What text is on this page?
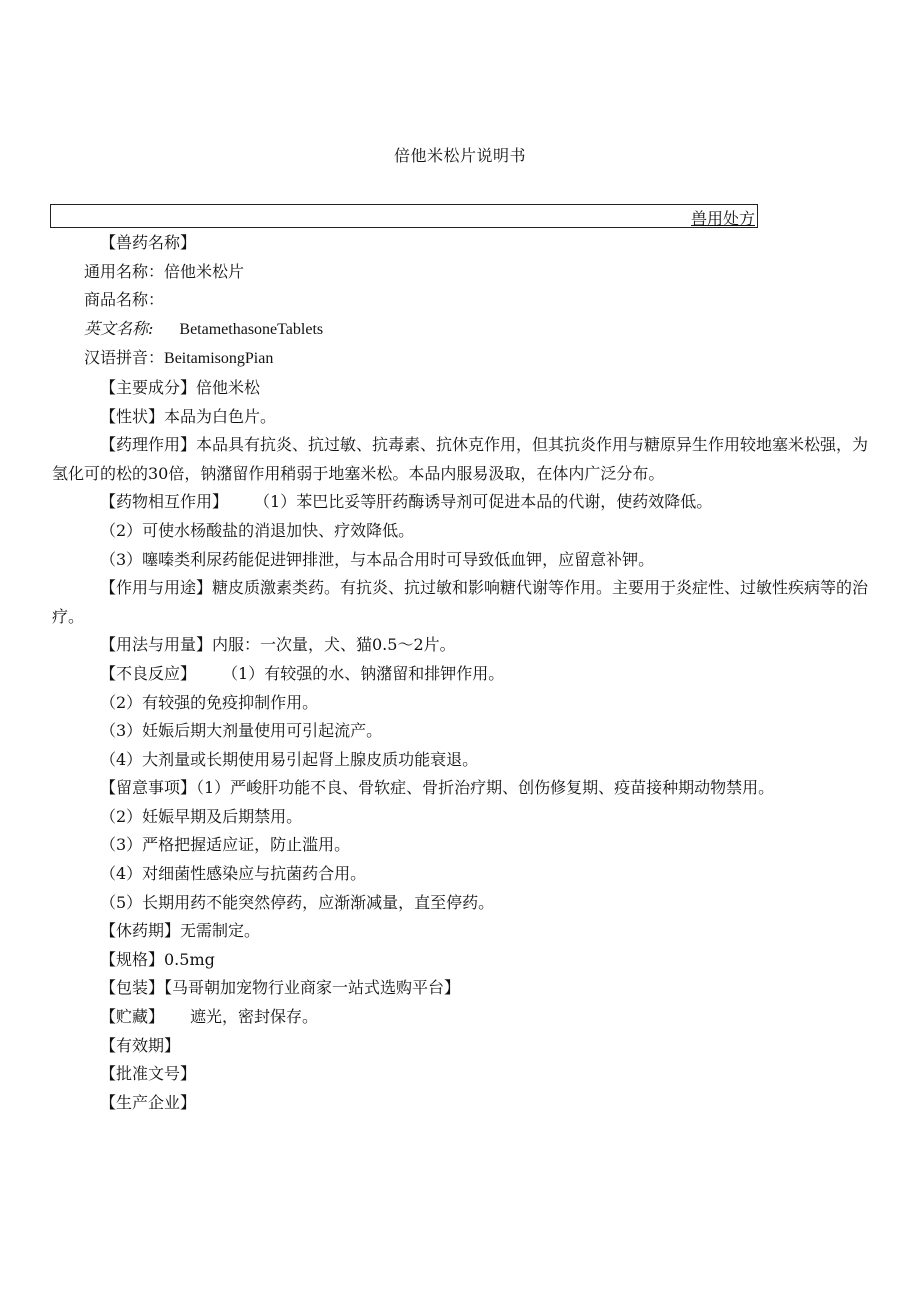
倍他米松片说明书
兽用处方
【兽药名称】
通用名称：倍他米松片
商品名称：
英文名称: BetamethasoneTablets
汉语拼音：BeitamisongPian
【主要成分】倍他米松
【性状】本品为白色片。
【药理作用】本品具有抗炎、抗过敏、抗毒素、抗休克作用，但其抗炎作用与糖原异生作用较地塞米松强，为氢化可的松的30倍，钠潴留作用稍弱于地塞米松。本品内服易汲取，在体内广泛分布。
【药物相互作用】 （1）苯巴比妥等肝药酶诱导剂可促进本品的代谢，使药效降低。
（2）可使水杨酸盐的消退加快、疗效降低。
（3）噻嗪类利尿药能促进钾排泄，与本品合用时可导致低血钾，应留意补钾。
【作用与用途】糖皮质激素类药。有抗炎、抗过敏和影响糖代谢等作用。主要用于炎症性、过敏性疾病等的治疗。
【用法与用量】内服：一次量，犬、猫0.5～2片。
【不良反应】 （1）有较强的水、钠潴留和排钾作用。
（2）有较强的免疫抑制作用。
（3）妊娠后期大剂量使用可引起流产。
（4）大剂量或长期使用易引起肾上腺皮质功能衰退。
【留意事项】（1）严峻肝功能不良、骨软症、骨折治疗期、创伤修复期、疫苗接种期动物禁用。
（2）妊娠早期及后期禁用。
（3）严格把握适应证，防止滥用。
（4）对细菌性感染应与抗菌药合用。
（5）长期用药不能突然停药，应渐渐减量，直至停药。
【休药期】无需制定。
【规格】0.5mg
【包装】【马哥朝加宠物行业商家一站式选购平台】
【贮藏】 遮光，密封保存。
【有效期】
【批准文号】
【生产企业】
